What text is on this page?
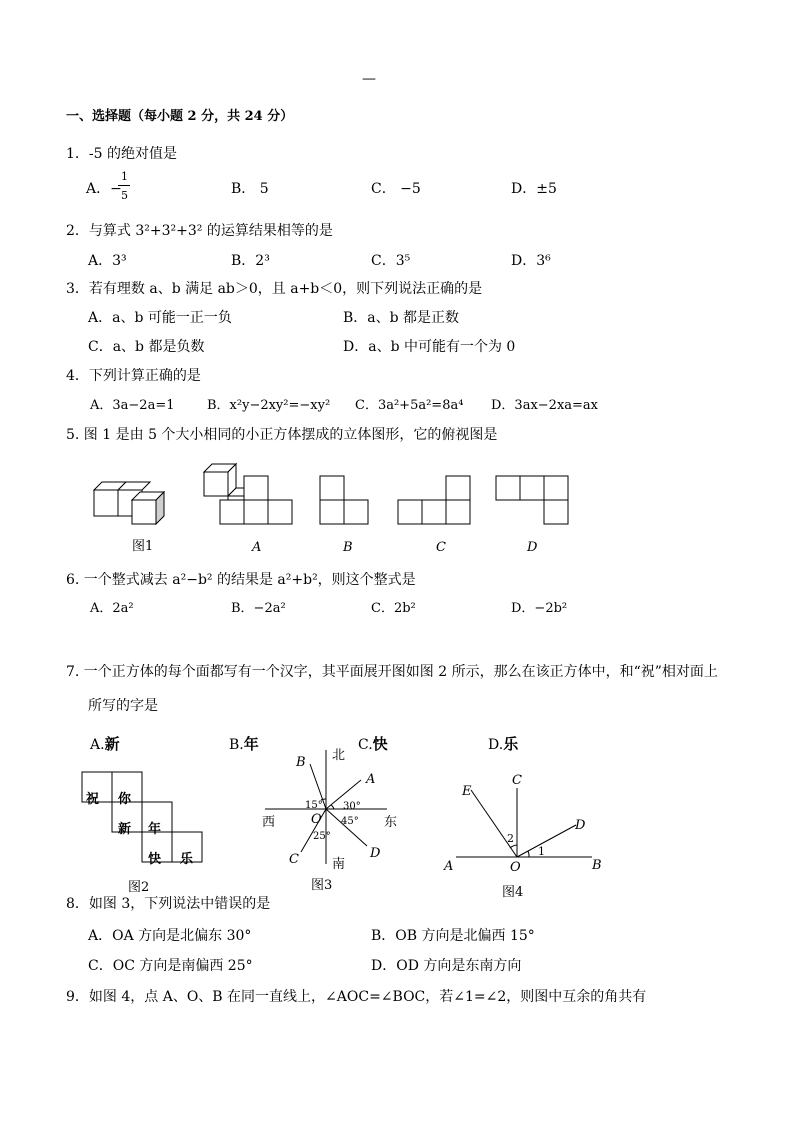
—
一、选择题（每小题 2 分，共 24 分）
1．-5 的绝对值是
A．−
1
5	B． 5	C． −5	D．±5
2．与算式 3²+3²+3² 的运算结果相等的是
A．3³	B．2³	C．3⁵	D．3⁶
3．若有理数 a、b 满足 ab＞0，且 a+b＜0，则下列说法正确的是
A．a、b 可能一正一负	B．a、b 都是正数
C．a、b 都是负数	D．a、b 中可能有一个为 0
4．下列计算正确的是
A．3a−2a=1	B．x²y−2xy²=−xy² C．3a²+5a²=8a⁴ D．3ax−2xa=ax
5. 图 1 是由 5 个大小相同的小正方体摆成的立体图形，它的俯视图是
图1	A	B	C	D
6. 一个整式减去 a²−b² 的结果是 a²+b²，则这个整式是
A．2a²	B．−2a²	C．2b²	D．−2b²
7. 一个正方体的每个面都写有一个汉字，其平面展开图如图 2 所示，那么在该正方体中，和“祝”相对面上
所写的字是
A.新	B.年	C.快	D.乐
祝 你
新 年
快 乐
图2
北
南
西	东
B
A
C	D
O
15° 30°
45°
25°
图3
C
E
D
A	B
O
2
1
图4
8．如图 3，下列说法中错误的是
A．OA 方向是北偏东 30°	B．OB 方向是北偏西 15°
C．OC 方向是南偏西 25°	D．OD 方向是东南方向
9．如图 4，点 A、O、B 在同一直线上，∠AOC=∠BOC，若∠1=∠2，则图中互余的角共有
